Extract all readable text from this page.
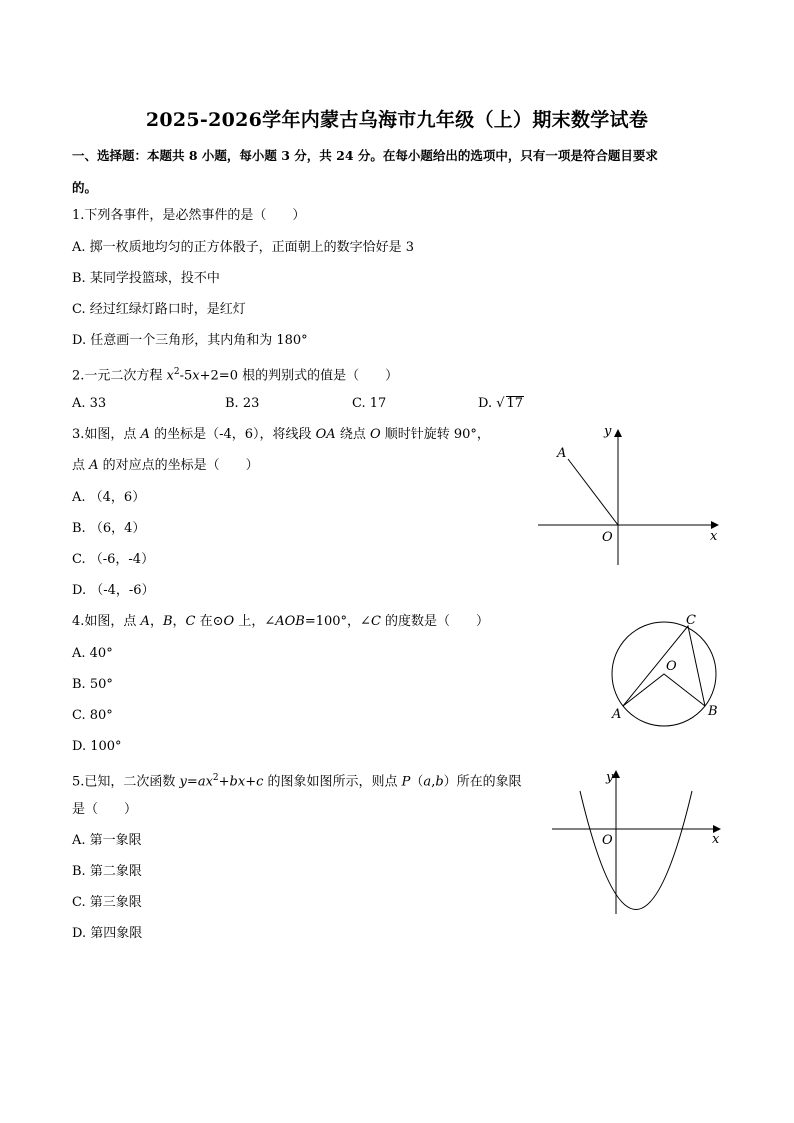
2025-2026学年内蒙古乌海市九年级（上）期末数学试卷
一、选择题：本题共 8 小题，每小题 3 分，共 24 分。在每小题给出的选项中，只有一项是符合题目要求
的。
1.下列各事件，是必然事件的是（　　）
A. 掷一枚质地均匀的正方体骰子，正面朝上的数字恰好是 3
B. 某同学投篮球，投不中
C. 经过红绿灯路口时，是红灯
D. 任意画一个三角形，其内角和为 180°
2.一元二次方程 $x^2-5x+2=0$ 根的判别式的值是（　　）
A. 33	B. 23	C. 17	D. √ 17
3.如图，点 A 的坐标是（-4，6），将线段 OA 绕点 O 顺时针旋转 90°，
点 A 的对应点的坐标是（　　）
A. （4，6）
B. （6，4）
C. （-6，-4）
D. （-4，-6）
y
x
O
A
4.如图，点 A，B，C 在⊙O 上，∠AOB=100°，∠C 的度数是（　　）
A. 40°
B. 50°
C. 80°
D. 100°
O
C
A	B
5.已知，二次函数 $y=ax^2+bx+c$ 的图象如图所示，则点 P（a,b）所在的象限
是（　　）
A. 第一象限
B. 第二象限
C. 第三象限
D. 第四象限
y
x
O
